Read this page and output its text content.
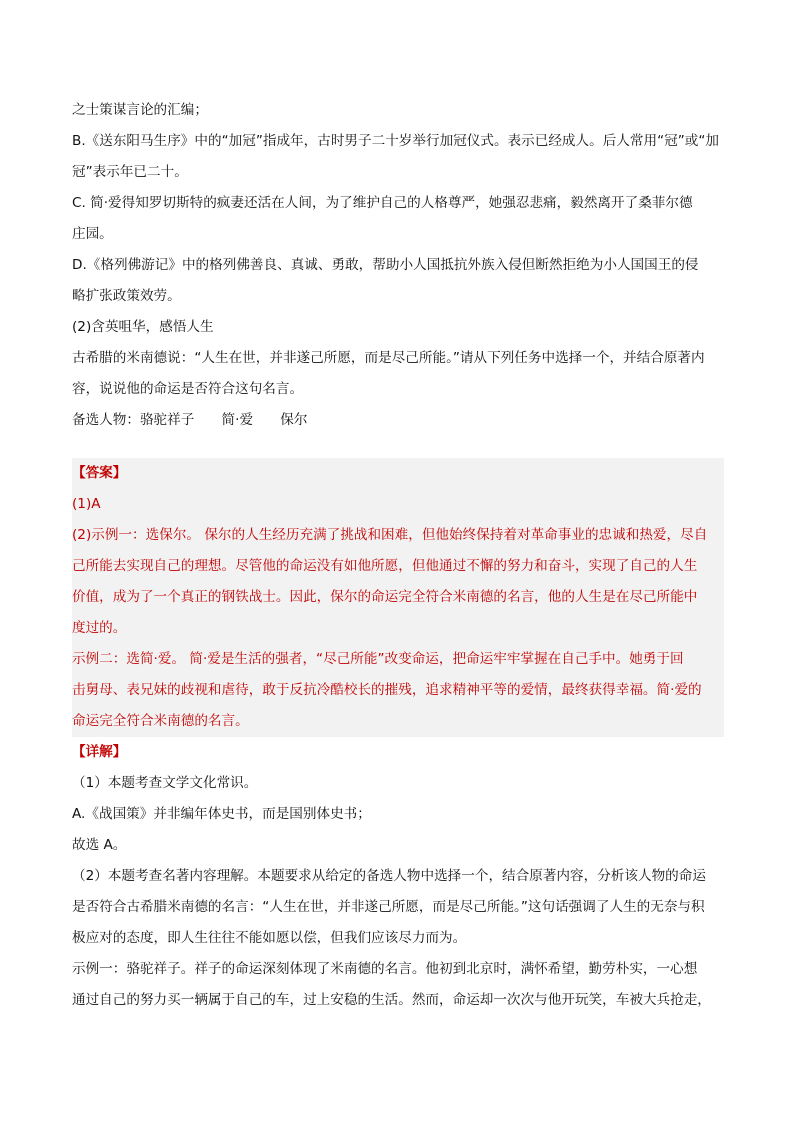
之士策谋言论的汇编；
B.《送东阳马生序》中的“加冠”指成年，古时男子二十岁举行加冠仪式。表示已经成人。后人常用“冠”或“加
冠”表示年已二十。
C. 简·爱得知罗切斯特的疯妻还活在人间，为了维护自己的人格尊严，她强忍悲痛，毅然离开了桑菲尔德
庄园。
D.《格列佛游记》中的格列佛善良、真诚、勇敢，帮助小人国抵抗外族入侵但断然拒绝为小人国国王的侵
略扩张政策效劳。
(2)含英咀华，感悟人生
古希腊的米南德说：“人生在世，并非遂己所愿，而是尽己所能。”请从下列任务中选择一个，并结合原著内
容，说说他的命运是否符合这句名言。
备选人物：骆驼祥子　　简·爱　　保尔
【答案】
(1)A
(2)示例一：选保尔。 保尔的人生经历充满了挑战和困难，但他始终保持着对革命事业的忠诚和热爱，尽自
己所能去实现自己的理想。尽管他的命运没有如他所愿，但他通过不懈的努力和奋斗，实现了自己的人生
价值，成为了一个真正的钢铁战士。因此，保尔的命运完全符合米南德的名言，他的人生是在尽己所能中
度过的。
示例二：选简·爱。 简·爱是生活的强者，“尽己所能”改变命运，把命运牢牢掌握在自己手中。她勇于回
击舅母、表兄妹的歧视和虐待，敢于反抗冷酷校长的摧残，追求精神平等的爱情，最终获得幸福。简·爱的
命运完全符合米南德的名言。
【详解】
（1）本题考查文学文化常识。
A.《战国策》并非编年体史书，而是国别体史书；
故选 A。
（2）本题考查名著内容理解。本题要求从给定的备选人物中选择一个，结合原著内容，分析该人物的命运
是否符合古希腊米南德的名言：“人生在世，并非遂己所愿，而是尽己所能。”这句话强调了人生的无奈与积
极应对的态度，即人生往往不能如愿以偿，但我们应该尽力而为。
示例一：骆驼祥子。祥子的命运深刻体现了米南德的名言。他初到北京时，满怀希望，勤劳朴实，一心想
通过自己的努力买一辆属于自己的车，过上安稳的生活。然而，命运却一次次与他开玩笑，车被大兵抢走，
